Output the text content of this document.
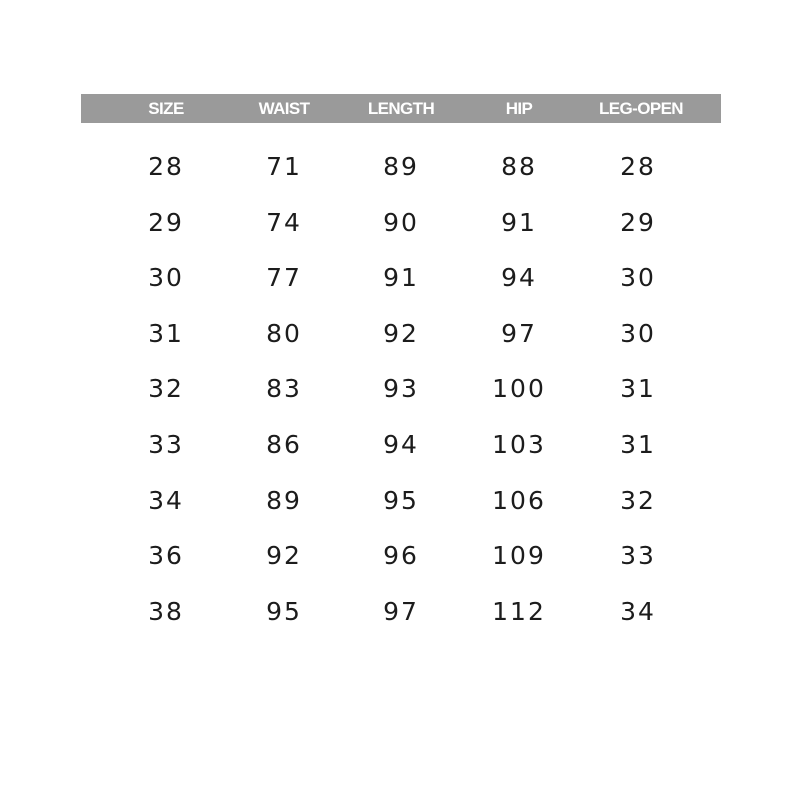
SIZE	WAIST	LENGTH	HIP	LEG-OPEN
28	71	89	88	28
29	74	90	91	29
30	77	91	94	30
31	80	92	97	30
32	83	93	100	31
33	86	94	103	31
34	89	95	106	32
36	92	96	109	33
38	95	97	112	34
